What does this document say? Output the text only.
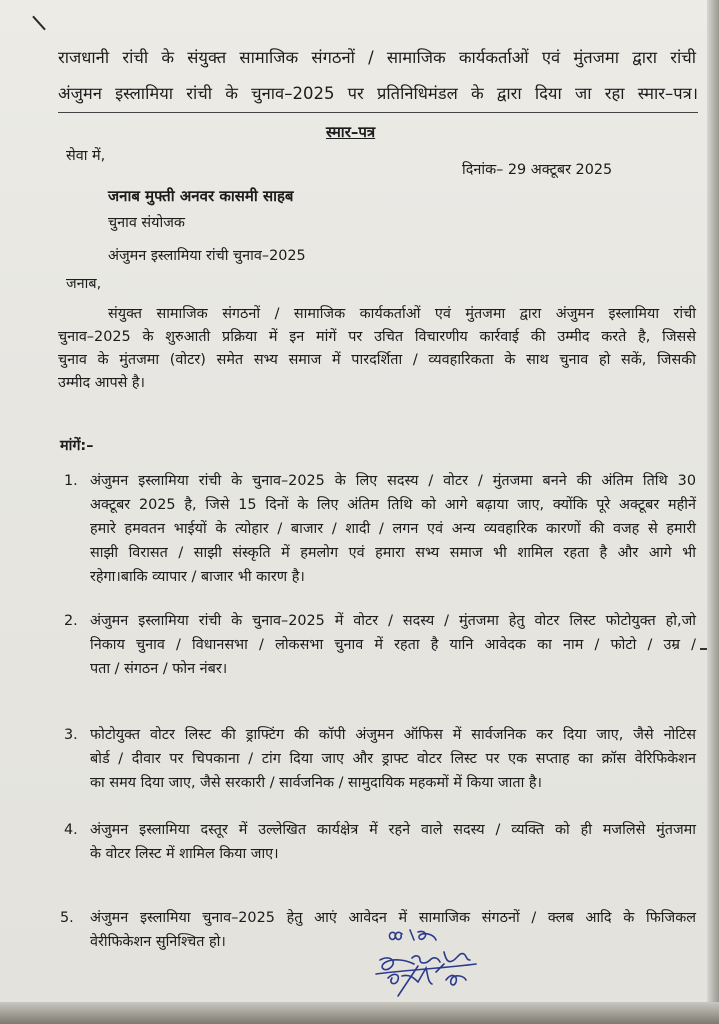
राजधानी रांची के संयुक्त सामाजिक संगठनों / सामाजिक कार्यकर्ताओं एवं मुंतजमा द्वारा रांची
अंजुमन इस्लामिया रांची के चुनाव–2025 पर प्रतिनिधिमंडल के द्वारा दिया जा रहा स्मार–पत्र।
स्मार–पत्र
सेवा में,
दिनांक– 29 अक्टूबर 2025
जनाब मुफ्ती अनवर कासमी साहब
चुनाव संयोजक
अंजुमन इस्लामिया रांची चुनाव–2025
जनाब,
संयुक्त सामाजिक संगठनों / सामाजिक कार्यकर्ताओं एवं मुंतजमा द्वारा अंजुमन इस्लामिया रांची
चुनाव–2025 के शुरुआती प्रक्रिया में इन मांगें पर उचित विचारणीय कार्रवाई की उम्मीद करते है, जिससे
चुनाव के मुंतजमा (वोटर) समेत सभ्य समाज में पारदर्शिता / व्यवहारिकता के साथ चुनाव हो सकें, जिसकी
उम्मीद आपसे है।
मांगें:–
1. अंजुमन इस्लामिया रांची के चुनाव–2025 के लिए सदस्य / वोटर / मुंतजमा बनने की अंतिम तिथि 30
अक्टूबर 2025 है, जिसे 15 दिनों के लिए अंतिम तिथि को आगे बढ़ाया जाए, क्योंकि पूरे अक्टूबर महीनें
हमारे हमवतन भाईयों के त्योहार / बाजार / शादी / लगन एवं अन्य व्यवहारिक कारणों की वजह से हमारी
साझी विरासत / साझी संस्कृति में हमलोग एवं हमारा सभ्य समाज भी शामिल रहता है और आगे भी
रहेगा।बाकि व्यापार / बाजार भी कारण है।
2. अंजुमन इस्लामिया रांची के चुनाव–2025 में वोटर / सदस्य / मुंतजमा हेतु वोटर लिस्ट फोटोयुक्त हो,जो
निकाय चुनाव / विधानसभा / लोकसभा चुनाव में रहता है यानि आवेदक का नाम / फोटो / उम्र /
पता / संगठन / फोन नंबर।
3. फोटोयुक्त वोटर लिस्ट की ड्राफ्टिंग की कॉपी अंजुमन ऑफिस में सार्वजनिक कर दिया जाए, जैसे नोटिस
बोर्ड / दीवार पर चिपकाना / टांग दिया जाए और ड्राफ्ट वोटर लिस्ट पर एक सप्ताह का क्रॉस वेरिफिकेशन
का समय दिया जाए, जैसे सरकारी / सार्वजनिक / सामुदायिक महकमों में किया जाता है।
4. अंजुमन इस्लामिया दस्तूर में उल्लेखित कार्यक्षेत्र में रहने वाले सदस्य / व्यक्ति को ही मजलिसे मुंतजमा
के वोटर लिस्ट में शामिल किया जाए।
5. अंजुमन इस्लामिया चुनाव–2025 हेतु आएं आवेदन में सामाजिक संगठनों / क्लब आदि के फिजिकल
वेरीफिकेशन सुनिश्चित हो।
